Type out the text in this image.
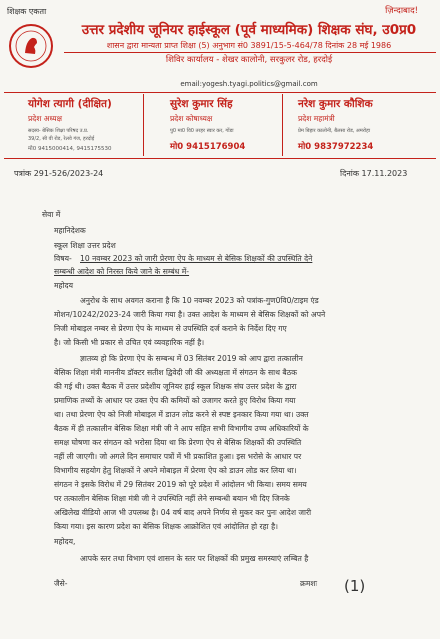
शिक्षक एकता	ज़िन्दाबाद!
उत्तर प्रदेशीय जूनियर हाईस्कूल (पूर्व माध्यमिक) शिक्षक संघ, उ0प्र0
शासन द्वारा मान्यता प्राप्त शिक्षा (5) अनुभाग सं0 3891/15-5-464/78 दिनांक 28 मई 1986
शिविर कार्यालय - शेखर कालोनी, सरकुलर रोड, हरदोई
email:yogesh.tyagi.politics@gmail.com
योगेश त्यागी (दीक्षित)
प्रदेश अध्यक्ष
सदस्य- बेसिक शिक्षा परिषद उ.प्र.
39/2, सी वी रोड, रेलवे गंज, हरदोई
मो0 9415000414, 9415175530
सुरेश कुमार सिंह
प्रदेश कोषाध्यक्ष
पु0 मा0 वि0 तरहर स्वार कर, गोंडा
मो0 9415176904
नरेश कुमार कौशिक
प्रदेश महामंत्री
प्रेम बिहार कालोनी, बैलसा रोड, अमरोहा
मो0 9837972234
पत्रांक 291-526/2023-24	दिनांक 17.11.2023
सेवा में
महानिदेशक
स्कूल शिक्षा उत्तर प्रदेश
विषय- 10 नवम्बर 2023 को जारी प्रेरणा ऐप के माध्यम से बेसिक शिक्षकों की उपस्थिति देने
सम्बन्धी आदेश को निरस्त किये जाने के सम्बंध में-
महोदय
अनुरोध के साथ अवगत कराना है कि 10 नवम्बर 2023 को पत्रांक-गुण0वि0/टाइम एंड
मोशन/10242/2023-24 जारी किया गया है। उक्त आदेश के माध्यम से बेसिक शिक्षकों को अपने
निजी मोबाइल नम्बर से प्रेरणा ऐप के माध्यम से उपस्थिति दर्ज कराने के निर्देश दिए गए
है। जो किसी भी प्रकार से उचित एवं व्यवहारिक नहीं है।
ज्ञातव्य हो कि प्रेरणा ऐप के सम्बन्ध में 03 सितंबर 2019 को आप द्वारा तत्कालीन
बेसिक शिक्षा मंत्री माननीय डॉक्टर सतीश द्विवेदी जी की अध्यक्षता में संगठन के साथ बैठक
की गई थी। उक्त बैठक में उत्तर प्रदेशीय जूनियर हाई स्कूल शिक्षक संघ उत्तर प्रदेश के द्वारा
प्रमाणिक तथ्यों के आधार पर उक्त ऐप की कमियों को उजागर करते हुए विरोध किया गया
था। तथा प्रेरणा ऐप को निजी मोबाइल में डाउन लोड करने से स्पष्ट इनकार किया गया था। उक्त
बैठक में ही तत्कालीन बेसिक शिक्षा मंत्री जी ने आप सहित सभी विभागीय उच्च अधिकारियों के
समक्ष घोषणा कर संगठन को भरोसा दिया था कि प्रेरणा ऐप से बेसिक शिक्षकों की उपस्थिति
नहीं ली जाएगी। जो अगले दिन समाचार पत्रों में भी प्रकाशित हुआ। इस भरोसे के आधार पर
विभागीय सहयोग हेतु शिक्षकों ने अपने मोबाइल में प्रेरणा ऐप को डाउन लोड कर लिया था।
संगठन ने इसके विरोध में 29 सितंबर 2019 को पूरे प्रदेश में आंदोलन भी किया। समय समय
पर तत्कालीन बेसिक शिक्षा मंत्री जी ने उपस्थिति नहीं लेने सम्बन्धी बयान भी दिए जिनके
अखिलेख वीडियो आज भी उपलब्ध है। 04 वर्ष बाद अपने निर्णय से मुकर कर पुनः आदेश जारी
किया गया। इस कारण प्रदेश का बेसिक शिक्षक आक्रोशित एवं आंदोलित हो रहा है।
महोदय,
आपके स्तर तथा विभाग एवं शासन के स्तर पर शिक्षकों की प्रमुख समस्याएं लम्बित है
जैसे-	क्रमशः (1)
